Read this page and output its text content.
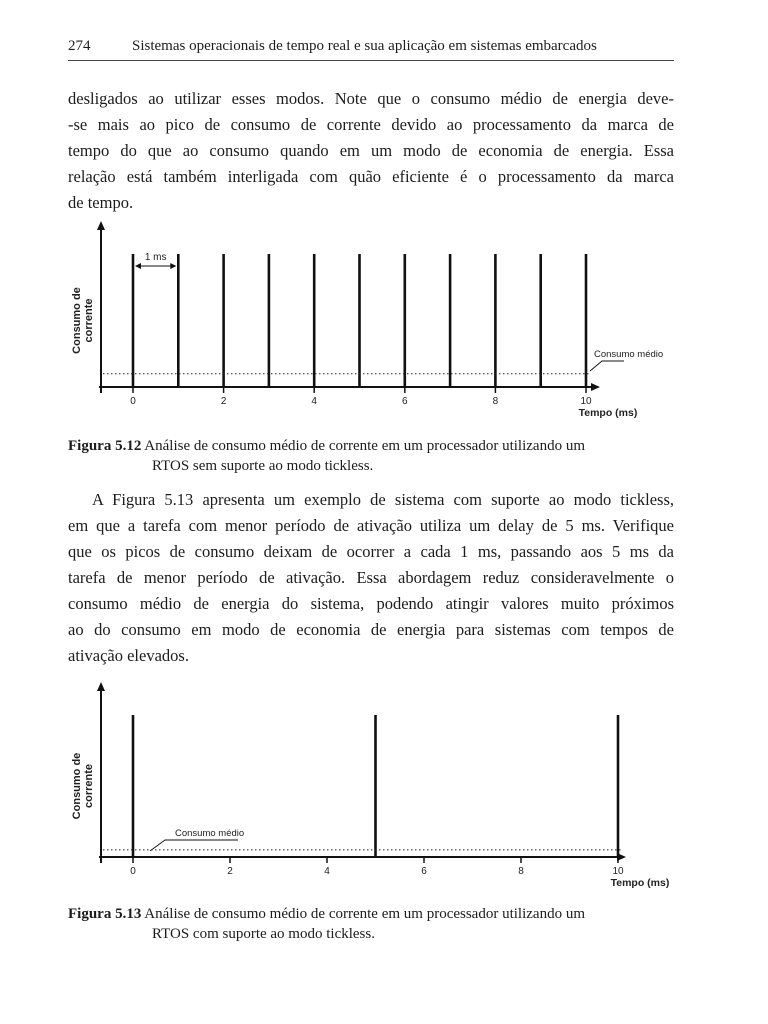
274	Sistemas operacionais de tempo real e sua aplicação em sistemas embarcados
desligados ao utilizar esses modos. Note que o consumo médio de energia deve-
-se mais ao pico de consumo de corrente devido ao processamento da marca de
tempo do que ao consumo quando em um modo de economia de energia. Essa
relação está também interligada com quão eficiente é o processamento da marca
de tempo.
Consumo decorrente
Tempo (ms)
0	2	4	6	8	10
1 ms
Consumo médio
Figura 5.12 Análise de consumo médio de corrente em um processador utilizando um
RTOS sem suporte ao modo tickless.
A Figura 5.13 apresenta um exemplo de sistema com suporte ao modo tickless,
em que a tarefa com menor período de ativação utiliza um delay de 5 ms. Verifique
que os picos de consumo deixam de ocorrer a cada 1 ms, passando aos 5 ms da
tarefa de menor período de ativação. Essa abordagem reduz consideravelmente o
consumo médio de energia do sistema, podendo atingir valores muito próximos
ao do consumo em modo de economia de energia para sistemas com tempos de
ativação elevados.
Consumo decorrente
Tempo (ms)
0	2	4	6	8	10
Consumo médio
Figura 5.13 Análise de consumo médio de corrente em um processador utilizando um
RTOS com suporte ao modo tickless.
